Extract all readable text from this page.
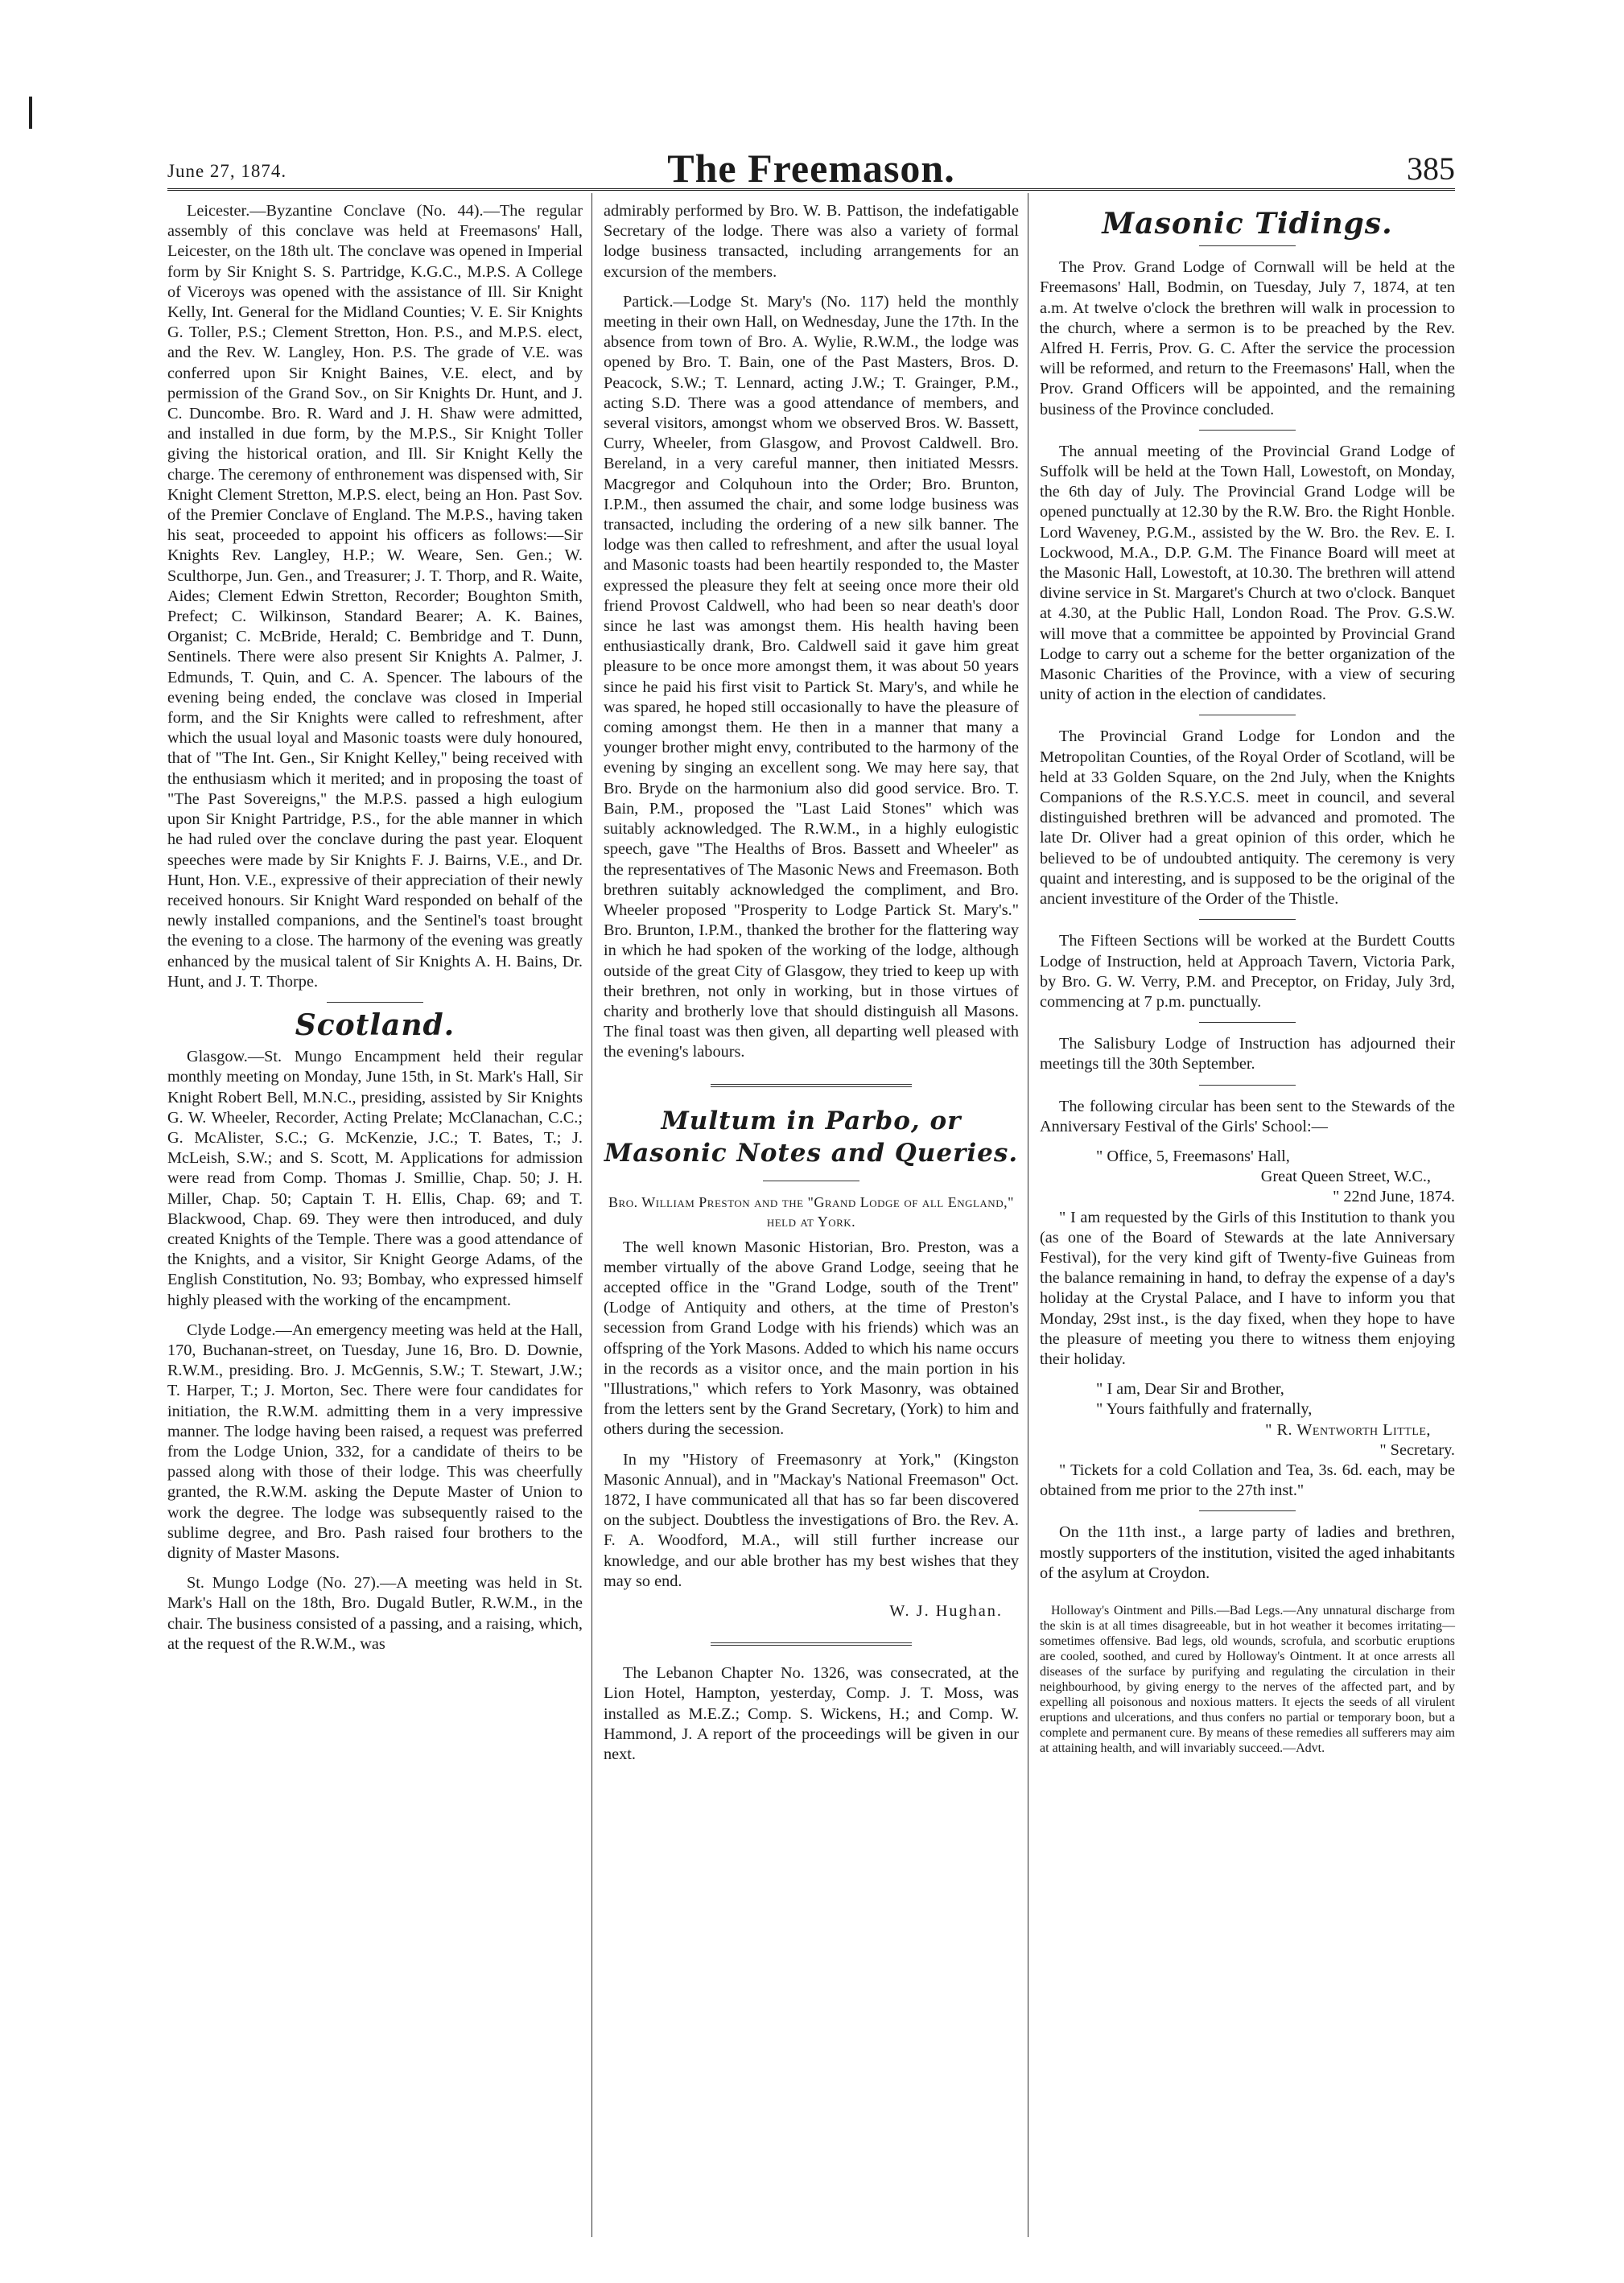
June 27, 1874.	The Freemason.	385

Leicester.—Byzantine Conclave (No. 44).—The regular assembly of this conclave was held at Freemasons' Hall, Leicester, on the 18th ult. The conclave was opened in Imperial form by Sir Knight S. S. Partridge, K.G.C., M.P.S. A College of Viceroys was opened with the assistance of Ill. Sir Knight Kelly, Int. General for the Midland Counties; V. E. Sir Knights G. Toller, P.S.; Clement Stretton, Hon. P.S., and M.P.S. elect, and the Rev. W. Langley, Hon. P.S. The grade of V.E. was conferred upon Sir Knight Baines, V.E. elect, and by permission of the Grand Sov., on Sir Knights Dr. Hunt, and J. C. Duncombe. Bro. R. Ward and J. H. Shaw were admitted, and installed in due form, by the M.P.S., Sir Knight Toller giving the historical oration, and Ill. Sir Knight Kelly the charge. The ceremony of enthronement was dispensed with, Sir Knight Clement Stretton, M.P.S. elect, being an Hon. Past Sov. of the Premier Conclave of England. The M.P.S., having taken his seat, proceeded to appoint his officers as follows:—Sir Knights Rev. Langley, H.P.; W. Weare, Sen. Gen.; W. Sculthorpe, Jun. Gen., and Treasurer; J. T. Thorp, and R. Waite, Aides; Clement Edwin Stretton, Recorder; Boughton Smith, Prefect; C. Wilkinson, Standard Bearer; A. K. Baines, Organist; C. McBride, Herald; C. Bembridge and T. Dunn, Sentinels. There were also present Sir Knights A. Palmer, J. Edmunds, T. Quin, and C. A. Spencer. The labours of the evening being ended, the conclave was closed in Imperial form, and the Sir Knights were called to refreshment, after which the usual loyal and Masonic toasts were duly honoured, that of "The Int. Gen., Sir Knight Kelley," being received with the enthusiasm which it merited; and in proposing the toast of "The Past Sovereigns," the M.P.S. passed a high eulogium upon Sir Knight Partridge, P.S., for the able manner in which he had ruled over the conclave during the past year. Eloquent speeches were made by Sir Knights F. J. Bairns, V.E., and Dr. Hunt, Hon. V.E., expressive of their appreciation of their newly received honours. Sir Knight Ward responded on behalf of the newly installed companions, and the Sentinel's toast brought the evening to a close. The harmony of the evening was greatly enhanced by the musical talent of Sir Knights A. H. Bains, Dr. Hunt, and J. T. Thorpe.

Scotland.

Glasgow.—St. Mungo Encampment held their regular monthly meeting on Monday, June 15th, in St. Mark's Hall, Sir Knight Robert Bell, M.N.C., presiding, assisted by Sir Knights G. W. Wheeler, Recorder, Acting Prelate; McClanachan, C.C.; G. McAlister, S.C.; G. McKenzie, J.C.; T. Bates, T.; J. McLeish, S.W.; and S. Scott, M. Applications for admission were read from Comp. Thomas J. Smillie, Chap. 50; J. H. Miller, Chap. 50; Captain T. H. Ellis, Chap. 69; and T. Blackwood, Chap. 69. They were then introduced, and duly created Knights of the Temple. There was a good attendance of the Knights, and a visitor, Sir Knight George Adams, of the English Constitution, No. 93; Bombay, who expressed himself highly pleased with the working of the encampment.

Clyde Lodge.—An emergency meeting was held at the Hall, 170, Buchanan-street, on Tuesday, June 16, Bro. D. Downie, R.W.M., presiding. Bro. J. McGennis, S.W.; T. Stewart, J.W.; T. Harper, T.; J. Morton, Sec. There were four candidates for initiation, the R.W.M. admitting them in a very impressive manner. The lodge having been raised, a request was preferred from the Lodge Union, 332, for a candidate of theirs to be passed along with those of their lodge. This was cheerfully granted, the R.W.M. asking the Depute Master of Union to work the degree. The lodge was subsequently raised to the sublime degree, and Bro. Pash raised four brothers to the dignity of Master Masons.

St. Mungo Lodge (No. 27).—A meeting was held in St. Mark's Hall on the 18th, Bro. Dugald Butler, R.W.M., in the chair. The business consisted of a passing, and a raising, which, at the request of the R.W.M., was

admirably performed by Bro. W. B. Pattison, the indefatigable Secretary of the lodge. There was also a variety of formal lodge business transacted, including arrangements for an excursion of the members.

Partick.—Lodge St. Mary's (No. 117) held the monthly meeting in their own Hall, on Wednesday, June the 17th. In the absence from town of Bro. A. Wylie, R.W.M., the lodge was opened by Bro. T. Bain, one of the Past Masters, Bros. D. Peacock, S.W.; T. Lennard, acting J.W.; T. Grainger, P.M., acting S.D. There was a good attendance of members, and several visitors, amongst whom we observed Bros. W. Bassett, Curry, Wheeler, from Glasgow, and Provost Caldwell. Bro. Bereland, in a very careful manner, then initiated Messrs. Macgregor and Colquhoun into the Order; Bro. Brunton, I.P.M., then assumed the chair, and some lodge business was transacted, including the ordering of a new silk banner. The lodge was then called to refreshment, and after the usual loyal and Masonic toasts had been heartily responded to, the Master expressed the pleasure they felt at seeing once more their old friend Provost Caldwell, who had been so near death's door since he last was amongst them. His health having been enthusiastically drank, Bro. Caldwell said it gave him great pleasure to be once more amongst them, it was about 50 years since he paid his first visit to Partick St. Mary's, and while he was spared, he hoped still occasionally to have the pleasure of coming amongst them. He then in a manner that many a younger brother might envy, contributed to the harmony of the evening by singing an excellent song. We may here say, that Bro. Bryde on the harmonium also did good service. Bro. T. Bain, P.M., proposed the "Last Laid Stones" which was suitably acknowledged. The R.W.M., in a highly eulogistic speech, gave "The Healths of Bros. Bassett and Wheeler" as the representatives of The Masonic News and Freemason. Both brethren suitably acknowledged the compliment, and Bro. Wheeler proposed "Prosperity to Lodge Partick St. Mary's." Bro. Brunton, I.P.M., thanked the brother for the flattering way in which he had spoken of the working of the lodge, although outside of the great City of Glasgow, they tried to keep up with their brethren, not only in working, but in those virtues of charity and brotherly love that should distinguish all Masons. The final toast was then given, all departing well pleased with the evening's labours.

Multum in Parbo, or Masonic Notes and Queries.

Bro. William Preston and the "Grand Lodge of all England," held at York.

The well known Masonic Historian, Bro. Preston, was a member virtually of the above Grand Lodge, seeing that he accepted office in the "Grand Lodge, south of the Trent" (Lodge of Antiquity and others, at the time of Preston's secession from Grand Lodge with his friends) which was an offspring of the York Masons. Added to which his name occurs in the records as a visitor once, and the main portion in his "Illustrations," which refers to York Masonry, was obtained from the letters sent by the Grand Secretary, (York) to him and others during the secession.

In my "History of Freemasonry at York," (Kingston Masonic Annual), and in "Mackay's National Freemason" Oct. 1872, I have communicated all that has so far been discovered on the subject. Doubtless the investigations of Bro. the Rev. A. F. A. Woodford, M.A., will still further increase our knowledge, and our able brother has my best wishes that they may so end.

W. J. Hughan.

The Lebanon Chapter No. 1326, was consecrated, at the Lion Hotel, Hampton, yesterday, Comp. J. T. Moss, was installed as M.E.Z.; Comp. S. Wickens, H.; and Comp. W. Hammond, J. A report of the proceedings will be given in our next.

Masonic Tidings.

The Prov. Grand Lodge of Cornwall will be held at the Freemasons' Hall, Bodmin, on Tuesday, July 7, 1874, at ten a.m. At twelve o'clock the brethren will walk in procession to the church, where a sermon is to be preached by the Rev. Alfred H. Ferris, Prov. G. C. After the service the procession will be reformed, and return to the Freemasons' Hall, when the Prov. Grand Officers will be appointed, and the remaining business of the Province concluded.

The annual meeting of the Provincial Grand Lodge of Suffolk will be held at the Town Hall, Lowestoft, on Monday, the 6th day of July. The Provincial Grand Lodge will be opened punctually at 12.30 by the R.W. Bro. the Right Honble. Lord Waveney, P.G.M., assisted by the W. Bro. the Rev. E. I. Lockwood, M.A., D.P. G.M. The Finance Board will meet at the Masonic Hall, Lowestoft, at 10.30. The brethren will attend divine service in St. Margaret's Church at two o'clock. Banquet at 4.30, at the Public Hall, London Road. The Prov. G.S.W. will move that a committee be appointed by Provincial Grand Lodge to carry out a scheme for the better organization of the Masonic Charities of the Province, with a view of securing unity of action in the election of candidates.

The Provincial Grand Lodge for London and the Metropolitan Counties, of the Royal Order of Scotland, will be held at 33 Golden Square, on the 2nd July, when the Knights Companions of the R.S.Y.C.S. meet in council, and several distinguished brethren will be advanced and promoted. The late Dr. Oliver had a great opinion of this order, which he believed to be of undoubted antiquity. The ceremony is very quaint and interesting, and is supposed to be the original of the ancient investiture of the Order of the Thistle.

The Fifteen Sections will be worked at the Burdett Coutts Lodge of Instruction, held at Approach Tavern, Victoria Park, by Bro. G. W. Verry, P.M. and Preceptor, on Friday, July 3rd, commencing at 7 p.m. punctually.

The Salisbury Lodge of Instruction has adjourned their meetings till the 30th September.

The following circular has been sent to the Stewards of the Anniversary Festival of the Girls' School:—

" Office, 5, Freemasons' Hall,

Great Queen Street, W.C.,

" 22nd June, 1874.

" I am requested by the Girls of this Institution to thank you (as one of the Board of Stewards at the late Anniversary Festival), for the very kind gift of Twenty-five Guineas from the balance remaining in hand, to defray the expense of a day's holiday at the Crystal Palace, and I have to inform you that Monday, 29st inst., is the day fixed, when they hope to have the pleasure of meeting you there to witness them enjoying their holiday.

" I am, Dear Sir and Brother,

" Yours faithfully and fraternally,

" R. Wentworth Little,

" Secretary.

" Tickets for a cold Collation and Tea, 3s. 6d. each, may be obtained from me prior to the 27th inst."

On the 11th inst., a large party of ladies and brethren, mostly supporters of the institution, visited the aged inhabitants of the asylum at Croydon.

Holloway's Ointment and Pills.—Bad Legs.—Any unnatural discharge from the skin is at all times disagreeable, but in hot weather it becomes irritating—sometimes offensive. Bad legs, old wounds, scrofula, and scorbutic eruptions are cooled, soothed, and cured by Holloway's Ointment. It at once arrests all diseases of the surface by purifying and regulating the circulation in their neighbourhood, by giving energy to the nerves of the affected part, and by expelling all poisonous and noxious matters. It ejects the seeds of all virulent eruptions and ulcerations, and thus confers no partial or temporary boon, but a complete and permanent cure. By means of these remedies all sufferers may aim at attaining health, and will invariably succeed.—Advt.
